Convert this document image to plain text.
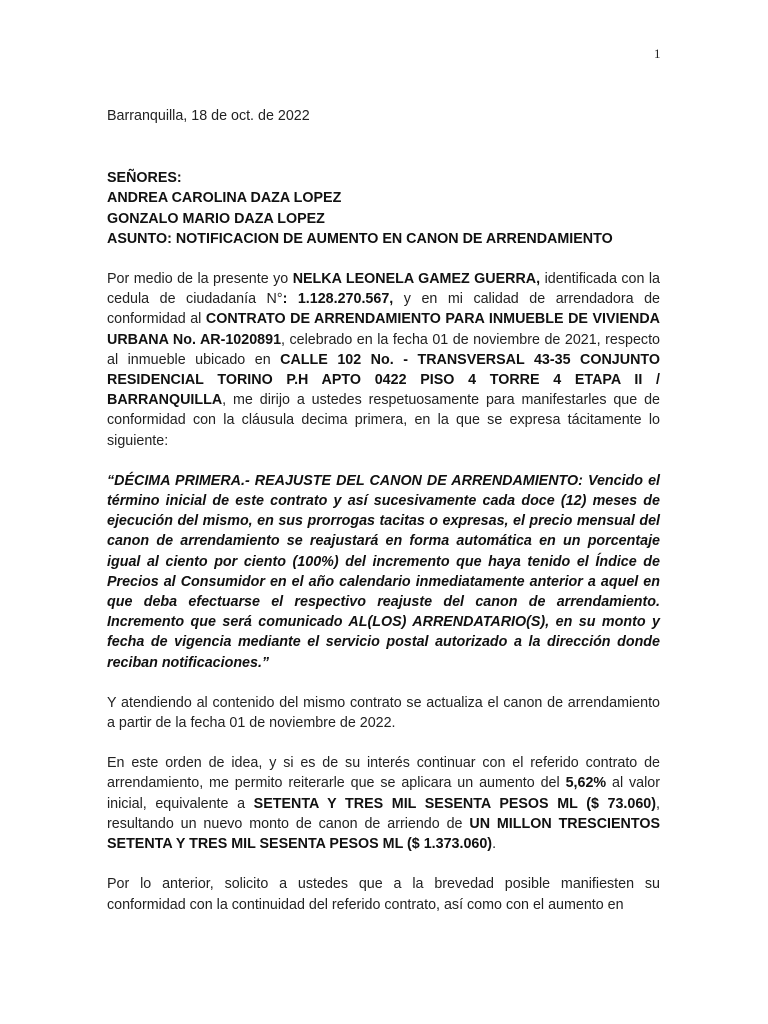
1

Barranquilla, 18 de oct. de 2022

SEÑORES:

ANDREA CAROLINA DAZA LOPEZ

GONZALO MARIO DAZA LOPEZ

ASUNTO: NOTIFICACION DE AUMENTO EN CANON DE ARRENDAMIENTO

Por medio de la presente yo NELKA LEONELA GAMEZ GUERRA, identificada con la cedula de ciudadanía N°: 1.128.270.567, y en mi calidad de arrendadora de conformidad al CONTRATO DE ARRENDAMIENTO PARA INMUEBLE DE VIVIENDA URBANA No. AR-1020891, celebrado en la fecha 01 de noviembre de 2021, respecto al inmueble ubicado en CALLE 102 No. - TRANSVERSAL 43-35 CONJUNTO RESIDENCIAL TORINO P.H APTO 0422 PISO 4 TORRE 4 ETAPA II / BARRANQUILLA, me dirijo a ustedes respetuosamente para manifestarles que de conformidad con la cláusula decima primera, en la que se expresa tácitamente lo siguiente:

“DÉCIMA PRIMERA.- REAJUSTE DEL CANON DE ARRENDAMIENTO: Vencido el término inicial de este contrato y así sucesivamente cada doce (12) meses de ejecución del mismo, en sus prorrogas tacitas o expresas, el precio mensual del canon de arrendamiento se reajustará en forma automática en un porcentaje igual al ciento por ciento (100%) del incremento que haya tenido el Índice de Precios al Consumidor en el año calendario inmediatamente anterior a aquel en que deba efectuarse el respectivo reajuste del canon de arrendamiento. Incremento que será comunicado AL(LOS) ARRENDATARIO(S), en su monto y fecha de vigencia mediante el servicio postal autorizado a la dirección donde reciban notificaciones.”

Y atendiendo al contenido del mismo contrato se actualiza el canon de arrendamiento a partir de la fecha 01 de noviembre de 2022.

En este orden de idea, y si es de su interés continuar con el referido contrato de arrendamiento, me permito reiterarle que se aplicara un aumento del 5,62% al valor inicial, equivalente a SETENTA Y TRES MIL SESENTA PESOS ML ($ 73.060), resultando un nuevo monto de canon de arriendo de UN MILLON TRESCIENTOS SETENTA Y TRES MIL SESENTA PESOS ML ($ 1.373.060).

Por lo anterior, solicito a ustedes que a la brevedad posible manifiesten su conformidad con la continuidad del referido contrato, así como con el aumento en
